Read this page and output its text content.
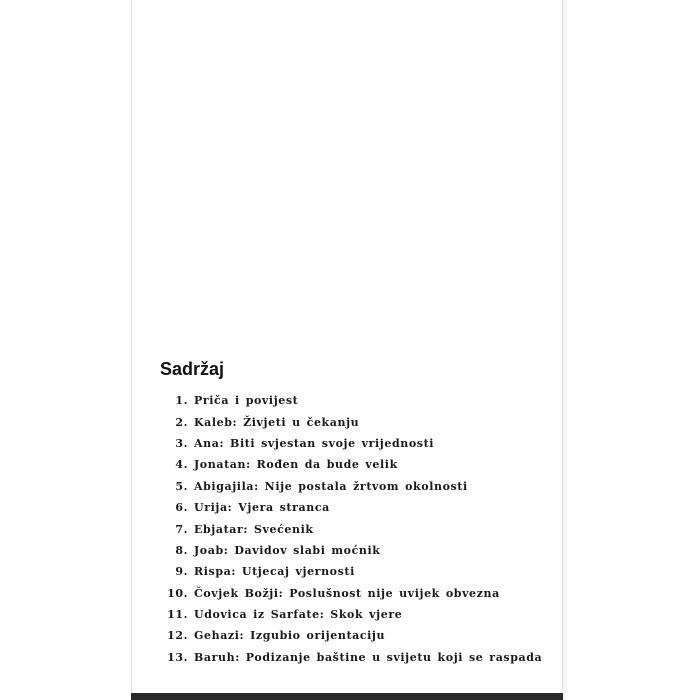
Sadržaj
1. Priča i povijest
2. Kaleb: Živjeti u čekanju
3. Ana: Biti svjestan svoje vrijednosti
4. Jonatan: Rođen da bude velik
5. Abigajila: Nije postala žrtvom okolnosti
6. Urija: Vjera stranca
7. Ebjatar: Svećenik
8. Joab: Davidov slabi moćnik
9. Rispa: Utjecaj vjernosti
10. Čovjek Božji: Poslušnost nije uvijek obvezna
11. Udovica iz Sarfate: Skok vjere
12. Gehazi: Izgubio orijentaciju
13. Baruh: Podizanje baštine u svijetu koji se raspada
